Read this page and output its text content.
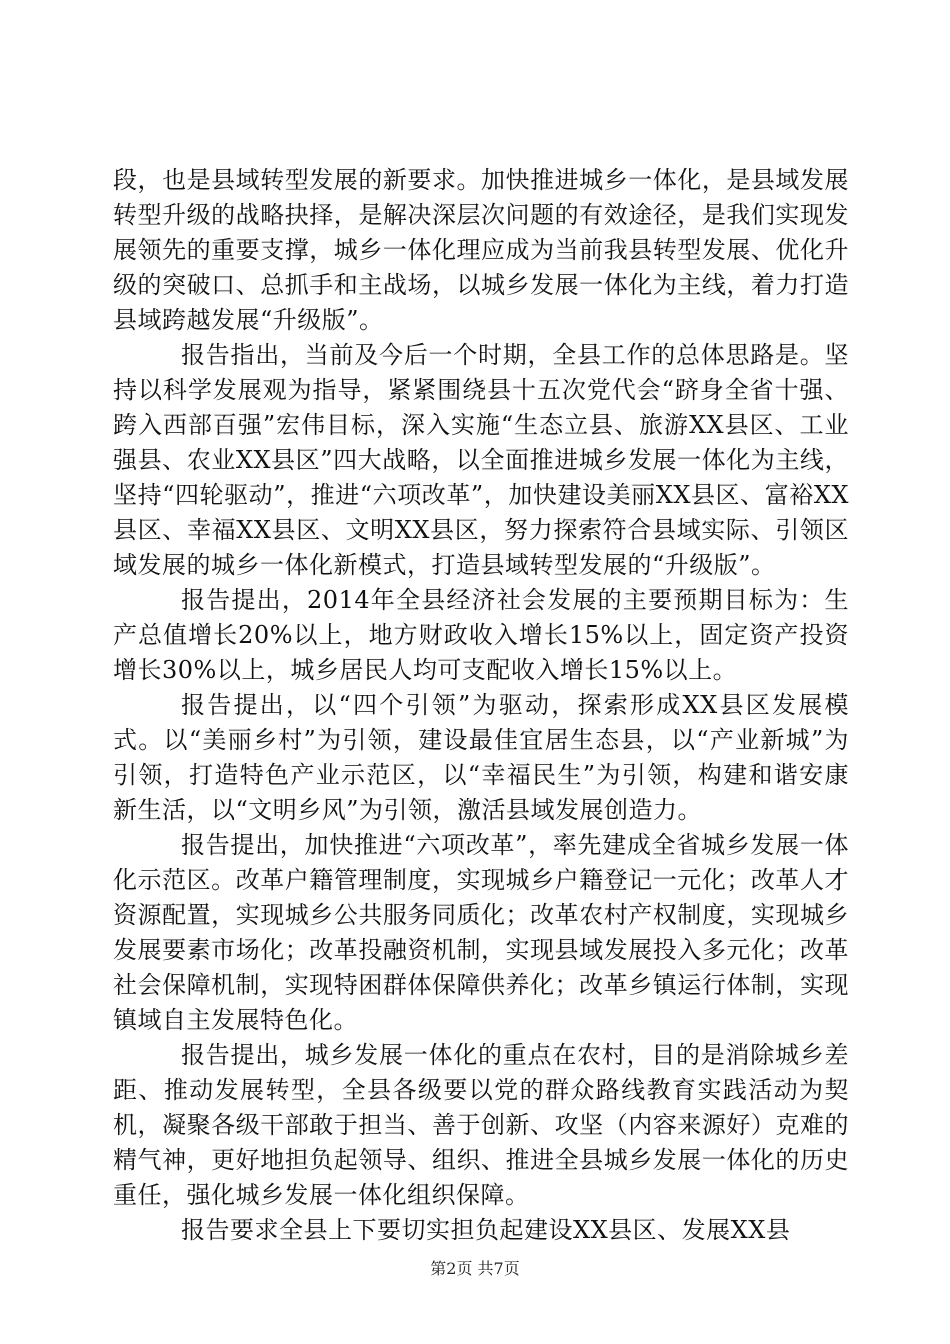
段，也是县域转型发展的新要求。加快推进城乡一体化，是县域发展转型升级的战略抉择，是解决深层次问题的有效途径，是我们实现发展领先的重要支撑，城乡一体化理应成为当前我县转型发展、优化升级的突破口、总抓手和主战场，以城乡发展一体化为主线，着力打造县域跨越发展“升级版”。

报告指出，当前及今后一个时期，全县工作的总体思路是。坚持以科学发展观为指导，紧紧围绕县十五次党代会“跻身全省十强、跨入西部百强”宏伟目标，深入实施“生态立县、旅游XX县区、工业强县、农业XX县区”四大战略，以全面推进城乡发展一体化为主线，坚持“四轮驱动”，推进“六项改革”，加快建设美丽XX县区、富裕XX县区、幸福XX县区、文明XX县区，努力探索符合县域实际、引领区域发展的城乡一体化新模式，打造县域转型发展的“升级版”。

报告提出，2014年全县经济社会发展的主要预期目标为：生产总值增长20%以上，地方财政收入增长15%以上，固定资产投资增长30%以上，城乡居民人均可支配收入增长15%以上。

报告提出，以“四个引领”为驱动，探索形成XX县区发展模式。以“美丽乡村”为引领，建设最佳宜居生态县，以“产业新城”为引领，打造特色产业示范区，以“幸福民生”为引领，构建和谐安康新生活，以“文明乡风”为引领，激活县域发展创造力。

报告提出，加快推进“六项改革”，率先建成全省城乡发展一体化示范区。改革户籍管理制度，实现城乡户籍登记一元化；改革人才资源配置，实现城乡公共服务同质化；改革农村产权制度，实现城乡发展要素市场化；改革投融资机制，实现县域发展投入多元化；改革社会保障机制，实现特困群体保障供养化；改革乡镇运行体制，实现镇域自主发展特色化。

报告提出，城乡发展一体化的重点在农村，目的是消除城乡差距、推动发展转型，全县各级要以党的群众路线教育实践活动为契机，凝聚各级干部敢于担当、善于创新、攻坚（内容来源好）克难的精气神，更好地担负起领导、组织、推进全县城乡发展一体化的历史重任，强化城乡发展一体化组织保障。

报告要求全县上下要切实担负起建设XX县区、发展XX县

第2页 共7页
